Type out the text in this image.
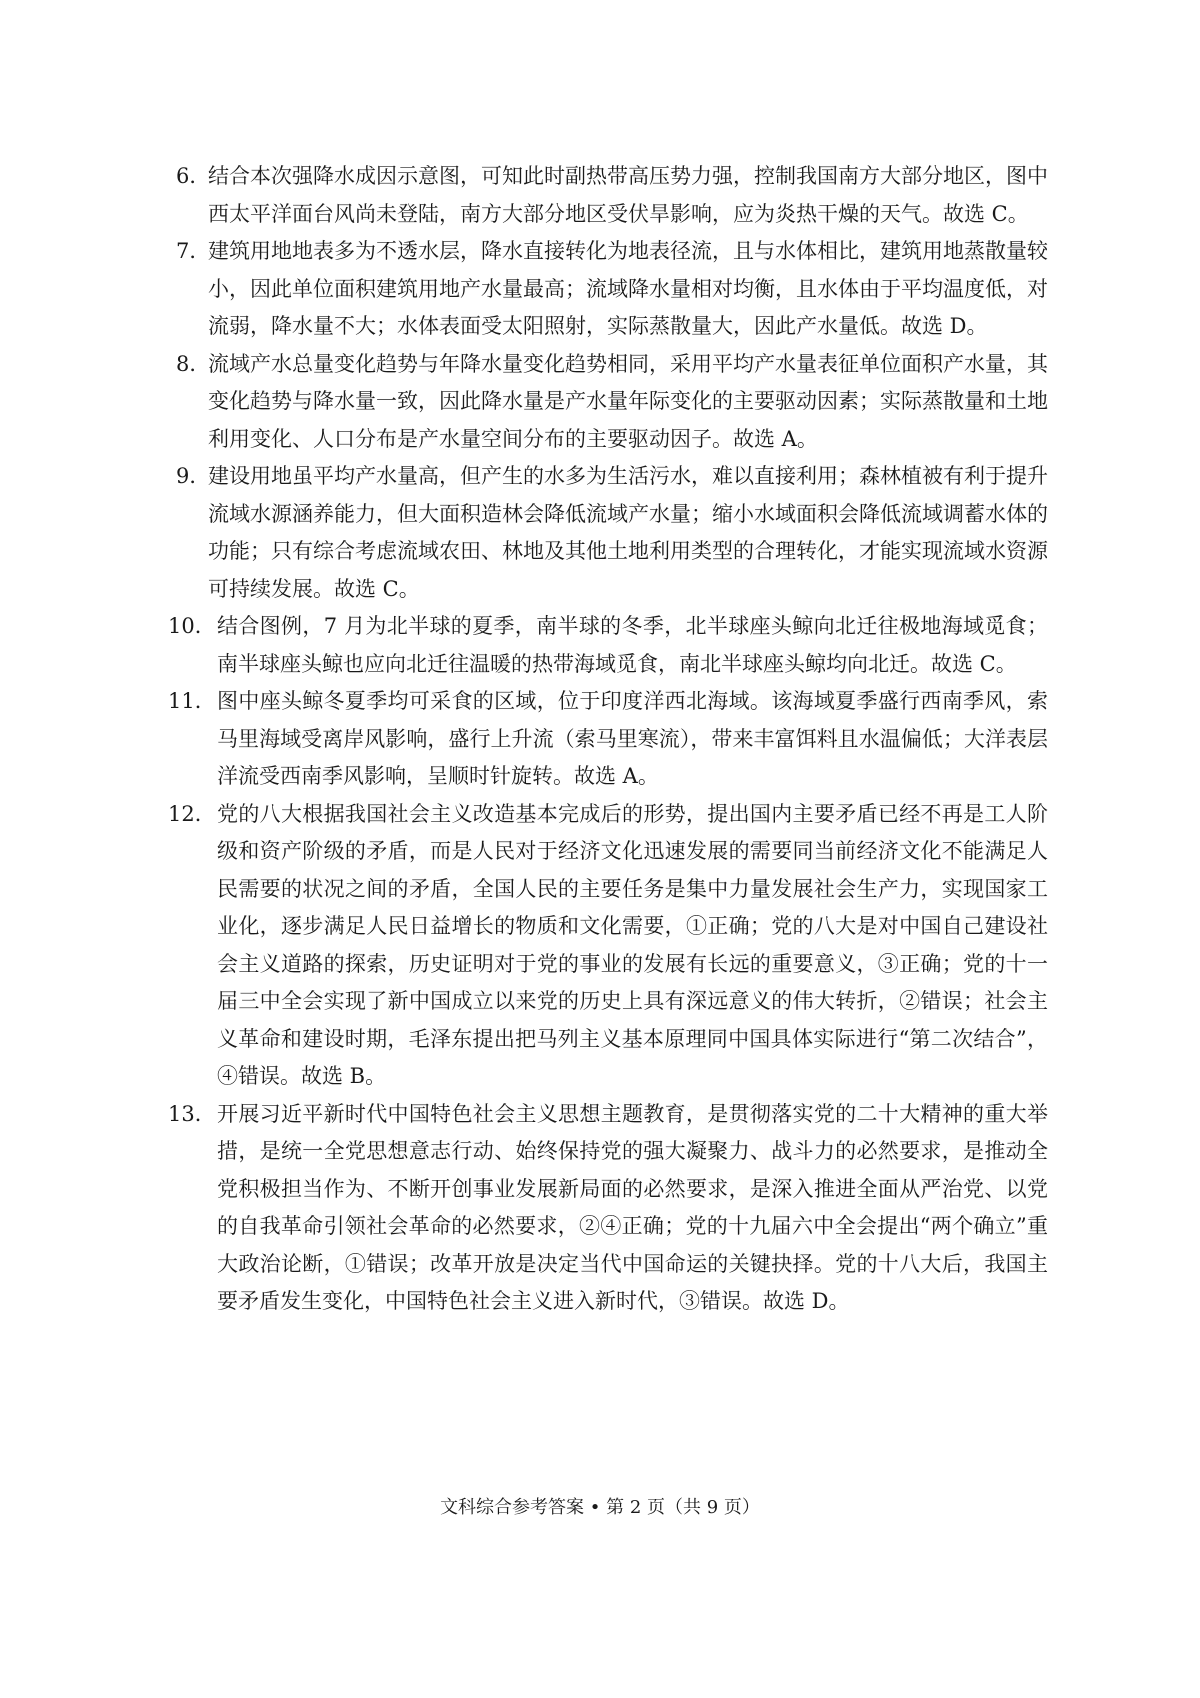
6．
结合本次强降水成因示意图，可知此时副热带高压势力强，控制我国南方大部分地区，图中西太平洋面台风尚未登陆，南方大部分地区受伏旱影响，应为炎热干燥的天气。故选 C。
7．
建筑用地地表多为不透水层，降水直接转化为地表径流，且与水体相比，建筑用地蒸散量较小，因此单位面积建筑用地产水量最高；流域降水量相对均衡，且水体由于平均温度低，对流弱，降水量不大；水体表面受太阳照射，实际蒸散量大，因此产水量低。故选 D。
8．
流域产水总量变化趋势与年降水量变化趋势相同，采用平均产水量表征单位面积产水量，其变化趋势与降水量一致，因此降水量是产水量年际变化的主要驱动因素；实际蒸散量和土地利用变化、人口分布是产水量空间分布的主要驱动因子。故选 A。
9．
建设用地虽平均产水量高，但产生的水多为生活污水，难以直接利用；森林植被有利于提升流域水源涵养能力，但大面积造林会降低流域产水量；缩小水域面积会降低流域调蓄水体的功能；只有综合考虑流域农田、林地及其他土地利用类型的合理转化，才能实现流域水资源可持续发展。故选 C。
10． 结合图例，7 月为北半球的夏季，南半球的冬季，北半球座头鲸向北迁往极地海域觅食；南半球座头鲸也应向北迁往温暖的热带海域觅食，南北半球座头鲸均向北迁。故选 C。
11． 图中座头鲸冬夏季均可采食的区域，位于印度洋西北海域。该海域夏季盛行西南季风，索马里海域受离岸风影响，盛行上升流（索马里寒流），带来丰富饵料且水温偏低；大洋表层洋流受西南季风影响，呈顺时针旋转。故选 A。
12． 党的八大根据我国社会主义改造基本完成后的形势，提出国内主要矛盾已经不再是工人阶级和资产阶级的矛盾，而是人民对于经济文化迅速发展的需要同当前经济文化不能满足人民需要的状况之间的矛盾，全国人民的主要任务是集中力量发展社会生产力，实现国家工业化，逐步满足人民日益增长的物质和文化需要，①正确；党的八大是对中国自己建设社会主义道路的探索，历史证明对于党的事业的发展有长远的重要意义，③正确；党的十一届三中全会实现了新中国成立以来党的历史上具有深远意义的伟大转折，②错误；社会主义革命和建设时期，毛泽东提出把马列主义基本原理同中国具体实际进行“第二次结合”，④错误。故选 B。
13． 开展习近平新时代中国特色社会主义思想主题教育，是贯彻落实党的二十大精神的重大举措，是统一全党思想意志行动、始终保持党的强大凝聚力、战斗力的必然要求，是推动全党积极担当作为、不断开创事业发展新局面的必然要求，是深入推进全面从严治党、以党的自我革命引领社会革命的必然要求，②④正确；党的十九届六中全会提出“两个确立”重大政治论断，①错误；改革开放是决定当代中国命运的关键抉择。党的十八大后，我国主要矛盾发生变化，中国特色社会主义进入新时代，③错误。故选 D。
文科综合参考答案 • 第 2 页（共 9 页）
